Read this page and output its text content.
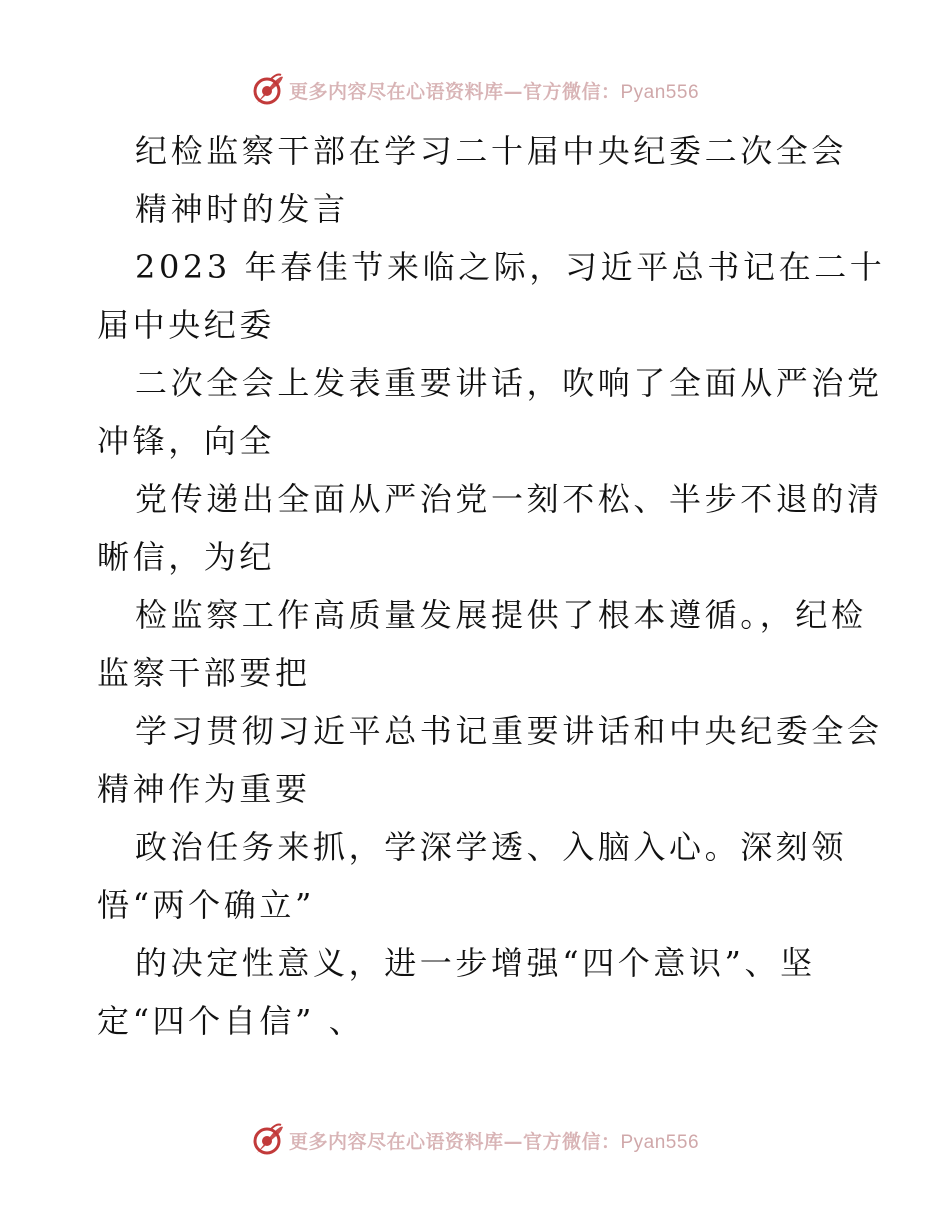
更多内容尽在心语资料库—官方微信：Pyan556
纪检监察干部在学习二十届中央纪委二次全会
精神时的发言
2023 年春佳节来临之际，习近平总书记在二十
届中央纪委
二次全会上发表重要讲话，吹响了全面从严治党
冲锋，向全
党传递出全面从严治党一刻不松、半步不退的清
晰信，为纪
检监察工作高质量发展提供了根本遵循。，纪检
监察干部要把
学习贯彻习近平总书记重要讲话和中央纪委全会
精神作为重要
政治任务来抓，学深学透、入脑入心。深刻领
悟“两个确立”
的决定性意义，进一步增强“四个意识”、坚
定“四个自信” 、
更多内容尽在心语资料库—官方微信：Pyan556
